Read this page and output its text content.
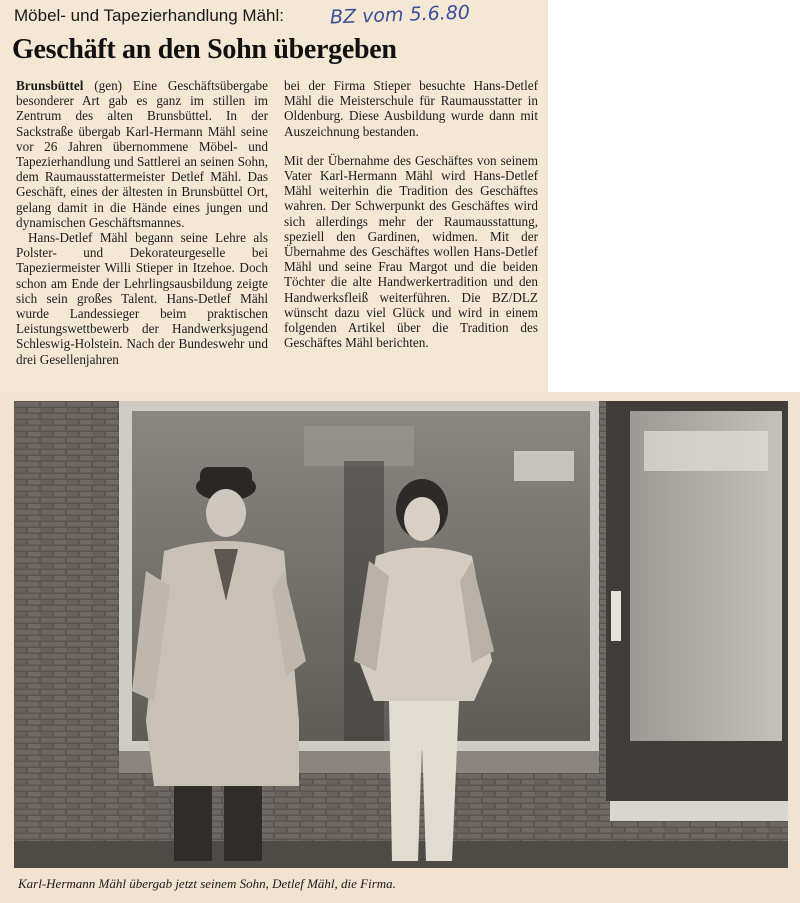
Möbel- und Tapezierhandlung Mähl: BZ vom 5.6.80
Geschäft an den Sohn übergeben

Brunsbüttel (gen) Eine Geschäftsübergabe besonderer Art gab es ganz im stillen im Zentrum des alten Brunsbüttel. In der Sackstraße übergab Karl-Hermann Mähl seine vor 26 Jahren übernommene Möbel- und Tapezierhandlung und Sattlerei an seinen Sohn, dem Raumausstattermeister Detlef Mähl. Das Geschäft, eines der ältesten in Brunsbüttel Ort, gelang damit in die Hände eines jungen und dynamischen Geschäftsmannes.

Hans-Detlef Mähl begann seine Lehre als Polster- und Dekorateurgeselle bei Tapeziermeister Willi Stieper in Itzehoe. Doch schon am Ende der Lehrlingsausbildung zeigte sich sein großes Talent. Hans-Detlef Mähl wurde Landessieger beim praktischen Leistungswettbewerb der Handwerksjugend Schleswig-Holstein. Nach der Bundeswehr und drei Gesellenjahren

bei der Firma Stieper besuchte Hans-Detlef Mähl die Meisterschule für Raumausstatter in Oldenburg. Diese Ausbildung wurde dann mit Auszeichnung bestanden.

Mit der Übernahme des Geschäftes von seinem Vater Karl-Hermann Mähl wird Hans-Detlef Mähl weiterhin die Tradition des Geschäftes wahren. Der Schwerpunkt des Geschäftes wird sich allerdings mehr der Raumausstattung, speziell den Gardinen, widmen. Mit der Übernahme des Geschäftes wollen Hans-Detlef Mähl und seine Frau Margot und die beiden Töchter die alte Handwerkertradition und den Handwerksfleiß weiterführen. Die BZ/DLZ wünscht dazu viel Glück und wird in einem folgenden Artikel über die Tradition des Geschäftes Mähl berichten.

Karl-Hermann Mähl übergab jetzt seinem Sohn, Detlef Mähl, die Firma.
